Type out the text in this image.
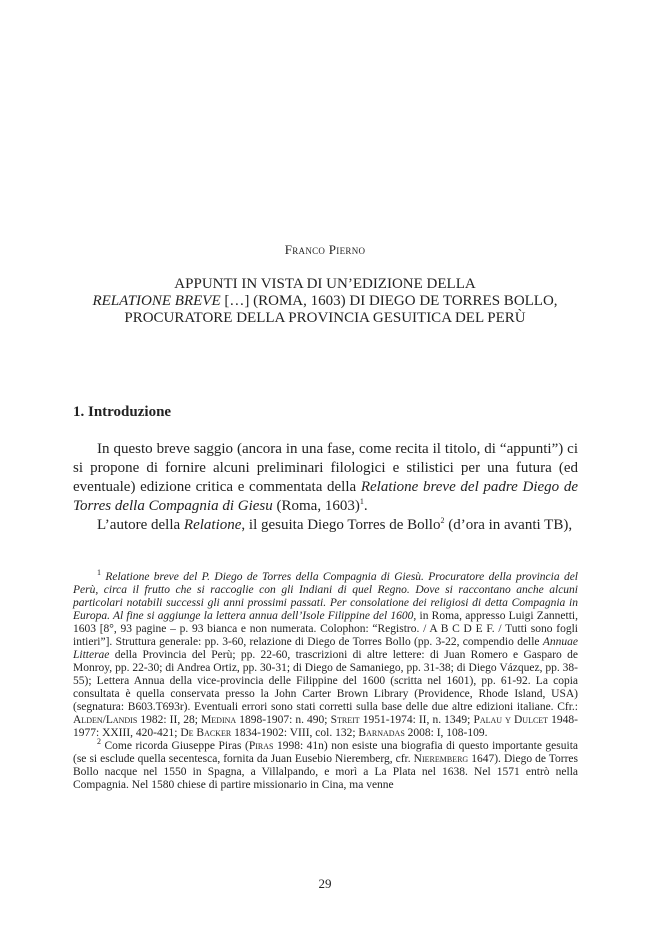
Franco Pierno
APPUNTI IN VISTA DI UN’EDIZIONE DELLA
RELATIONE BREVE […] (ROMA, 1603) DI DIEGO DE TORRES BOLLO,
PROCURATORE DELLA PROVINCIA GESUITICA DEL PERÙ
1. Introduzione

In questo breve saggio (ancora in una fase, come recita il titolo, di “appunti”) ci si propone di fornire alcuni preliminari filologici e stilistici per una futura (ed eventuale) edizione critica e commentata della Relatione breve del padre Diego de Torres della Compagnia di Giesu (Roma, 1603)$^1$.

L’autore della Relatione, il gesuita Diego Torres de Bollo$^2$ (d’ora in avanti TB),

$^1$ Relatione breve del P. Diego de Torres della Compagnia di Giesù. Procuratore della provincia del Perù, circa il frutto che si raccoglie con gli Indiani di quel Regno. Dove si raccontano anche alcuni particolari notabili successi gli anni prossimi passati. Per consolatione dei religiosi di detta Compagnia in Europa. Al fine si aggiunge la lettera annua dell’Isole Filippine del 1600, in Roma, appresso Luigi Zannetti, 1603 [8°, 93 pagine – p. 93 bianca e non numerata. Colophon: “Registro. / A B C D E F. / Tutti sono fogli intieri”]. Struttura generale: pp. 3-60, relazione di Diego de Torres Bollo (pp. 3-22, compendio delle Annuae Litterae della Provincia del Perù; pp. 22-60, trascrizioni di altre lettere: di Juan Romero e Gasparo de Monroy, pp. 22-30; di Andrea Ortiz, pp. 30-31; di Diego de Samaniego, pp. 31-38; di Diego Vázquez, pp. 38-55); Lettera Annua della vice-provincia delle Filippine del 1600 (scritta nel 1601), pp. 61-92. La copia consultata è quella conservata presso la John Carter Brown Library (Providence, Rhode Island, USA) (segnatura: B603.T693r). Eventuali errori sono stati corretti sulla base delle due altre edizioni italiane. Cfr.: Alden/Landis 1982: II, 28; Medina 1898-1907: n. 490; Streit 1951-1974: II, n. 1349; Palau y Dulcet 1948-1977: XXIII, 420-421; De Backer 1834-1902: VIII, col. 132; Barnadas 2008: I, 108-109.

$^2$ Come ricorda Giuseppe Piras (Piras 1998: 41n) non esiste una biografia di questo importante gesuita (se si esclude quella secentesca, fornita da Juan Eusebio Nieremberg, cfr. Nieremberg 1647). Diego de Torres Bollo nacque nel 1550 in Spagna, a Villalpando, e morì a La Plata nel 1638. Nel 1571 entrò nella Compagnia. Nel 1580 chiese di partire missionario in Cina, ma venne

29
